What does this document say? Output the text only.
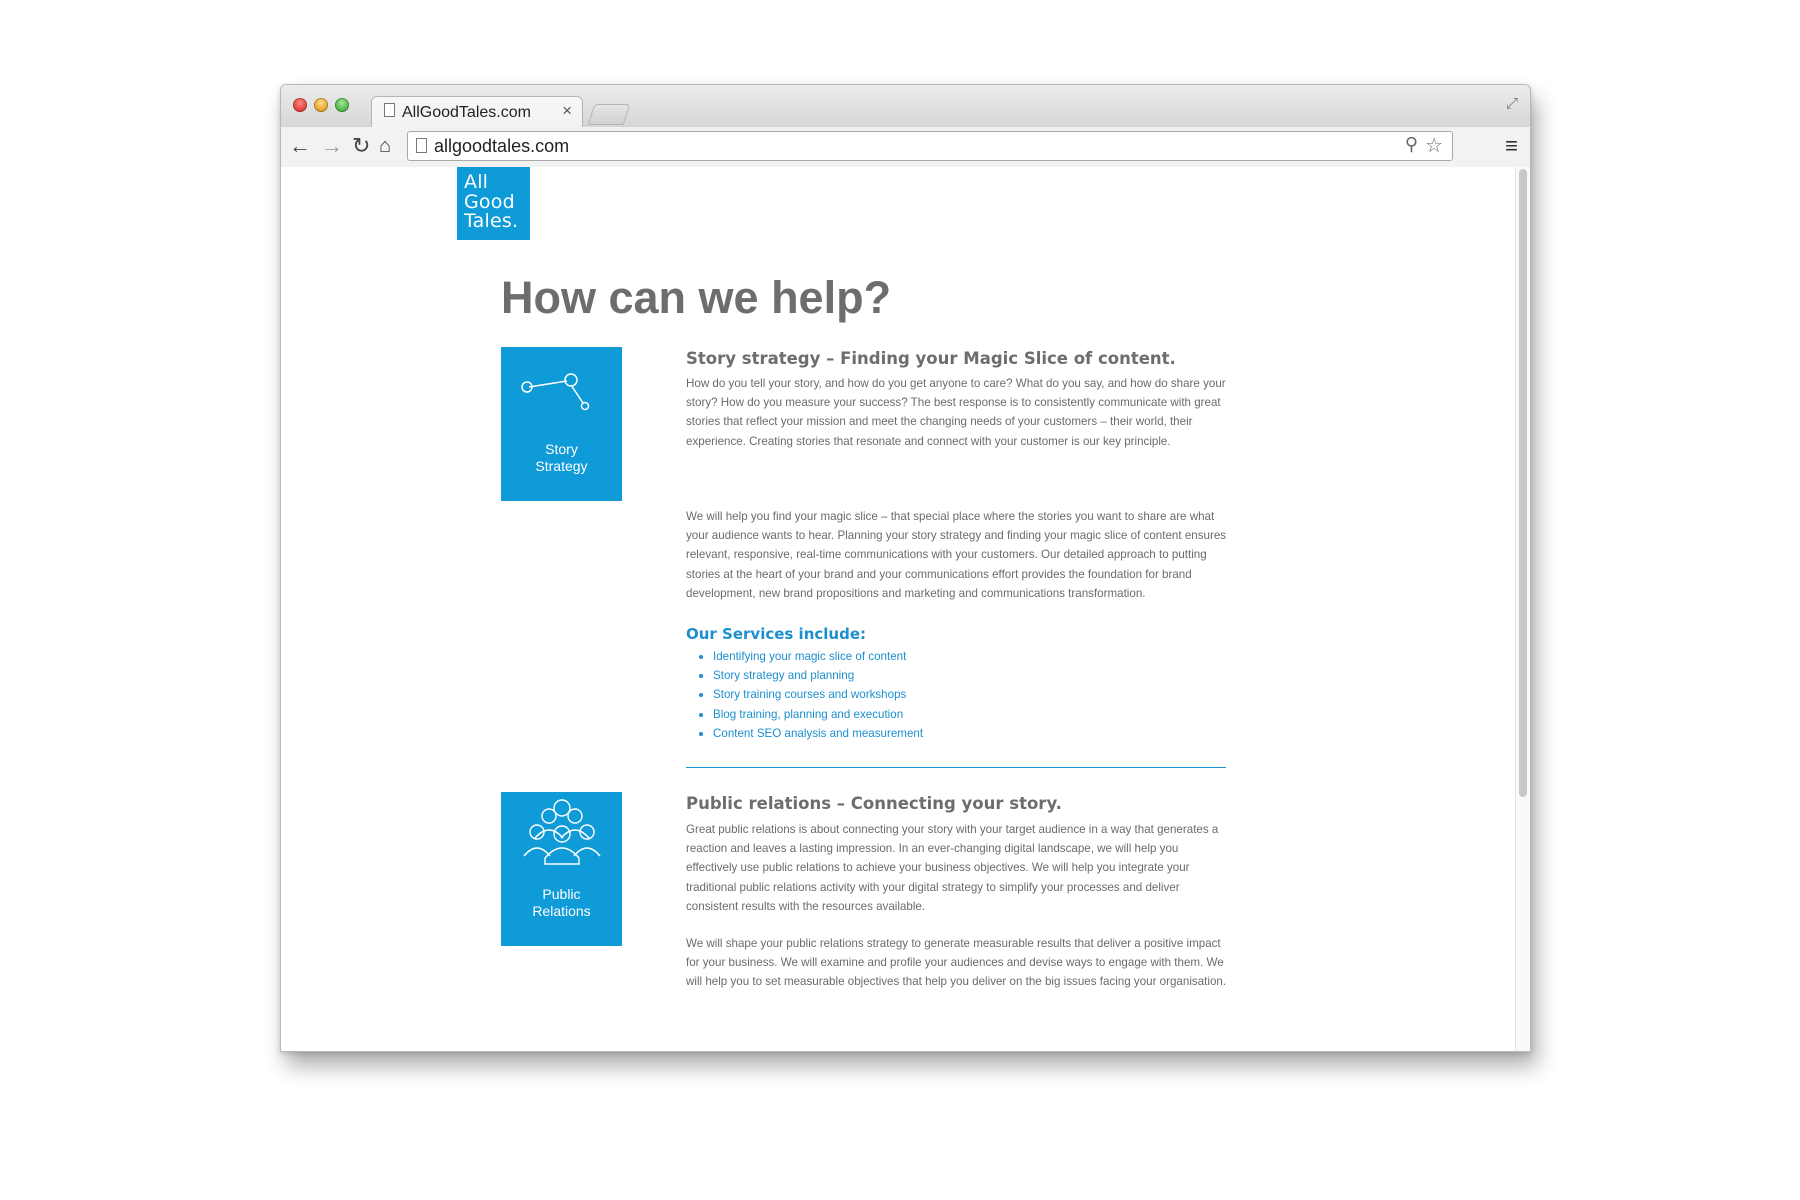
AllGoodTales.com ×	⤢
← → ↻ ⌂ allgoodtales.com	⚲ ☆	≡
All
Good
Tales.
How can we help?
Story
Strategy
Story strategy – Finding your Magic Slice of content.

How do you tell your story, and how do you get anyone to care? What do you say, and how do share your story? How do you measure your success? The best response is to consistently communicate with great stories that reflect your mission and meet the changing needs of your customers – their world, their experience. Creating stories that resonate and connect with your customer is our key principle.

We will help you find your magic slice – that special place where the stories you want to share are what your audience wants to hear. Planning your story strategy and finding your magic slice of content ensures relevant, responsive, real-time communications with your customers. Our detailed approach to putting stories at the heart of your brand and your communications effort provides the foundation for brand development, new brand propositions and marketing and communications transformation.

Our Services include:
Identifying your magic slice of content
Story strategy and planning
Story training courses and workshops
Blog training, planning and execution
Content SEO analysis and measurement
Public
Relations
Public relations – Connecting your story.

Great public relations is about connecting your story with your target audience in a way that generates a reaction and leaves a lasting impression. In an ever-changing digital landscape, we will help you effectively use public relations to achieve your business objectives. We will help you integrate your traditional public relations activity with your digital strategy to simplify your processes and deliver consistent results with the resources available.

We will shape your public relations strategy to generate measurable results that deliver a positive impact for your business. We will examine and profile your audiences and devise ways to engage with them. We will help you to set measurable objectives that help you deliver on the big issues facing your organisation.
